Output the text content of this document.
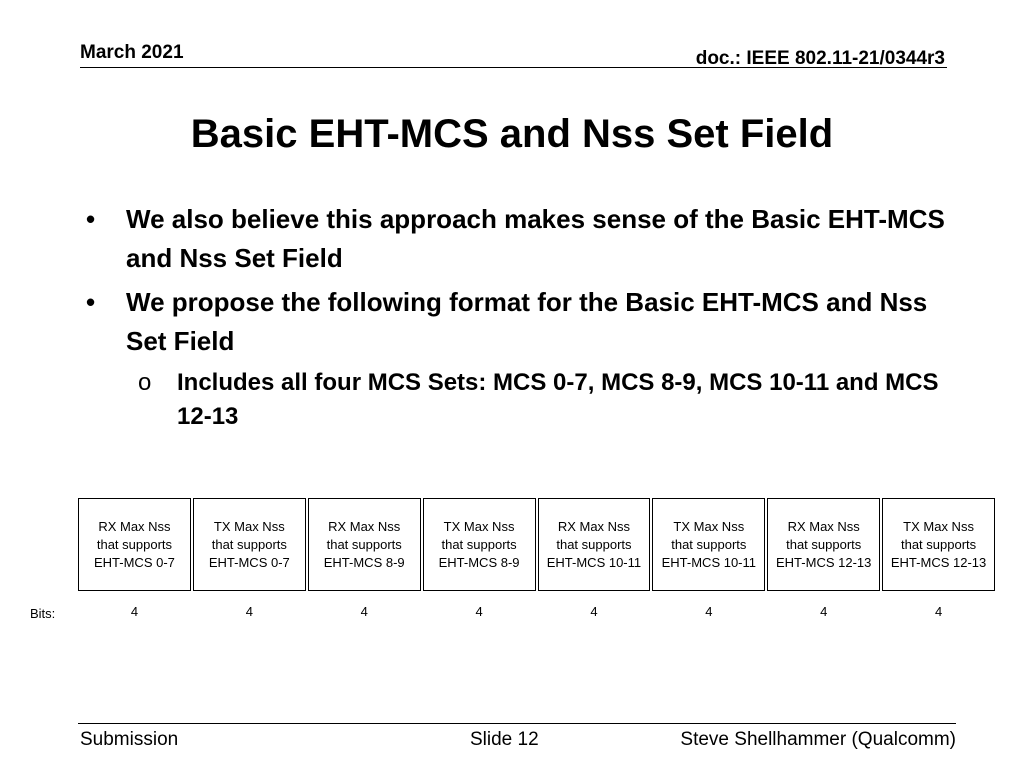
March 2021	doc.: IEEE 802.11-21/0344r3
Basic EHT-MCS and Nss Set Field
• We also believe this approach makes sense of the Basic EHT-MCS and Nss Set Field
• We propose the following format for the Basic EHT-MCS and Nss Set Field
o Includes all four MCS Sets: MCS 0-7, MCS 8-9, MCS 10-11 and MCS 12-13
RX Max Nss
that supports
EHT-MCS 0-7
TX Max Nss
that supports
EHT-MCS 0-7
RX Max Nss
that supports
EHT-MCS 8-9
TX Max Nss
that supports
EHT-MCS 8-9
RX Max Nss
that supports
EHT-MCS 10-11
TX Max Nss
that supports
EHT-MCS 10-11
RX Max Nss
that supports
EHT-MCS 12-13
TX Max Nss
that supports
EHT-MCS 12-13
Bits:	4	4	4	4	4	4	4	4
Submission	Slide 12	Steve Shellhammer (Qualcomm)
